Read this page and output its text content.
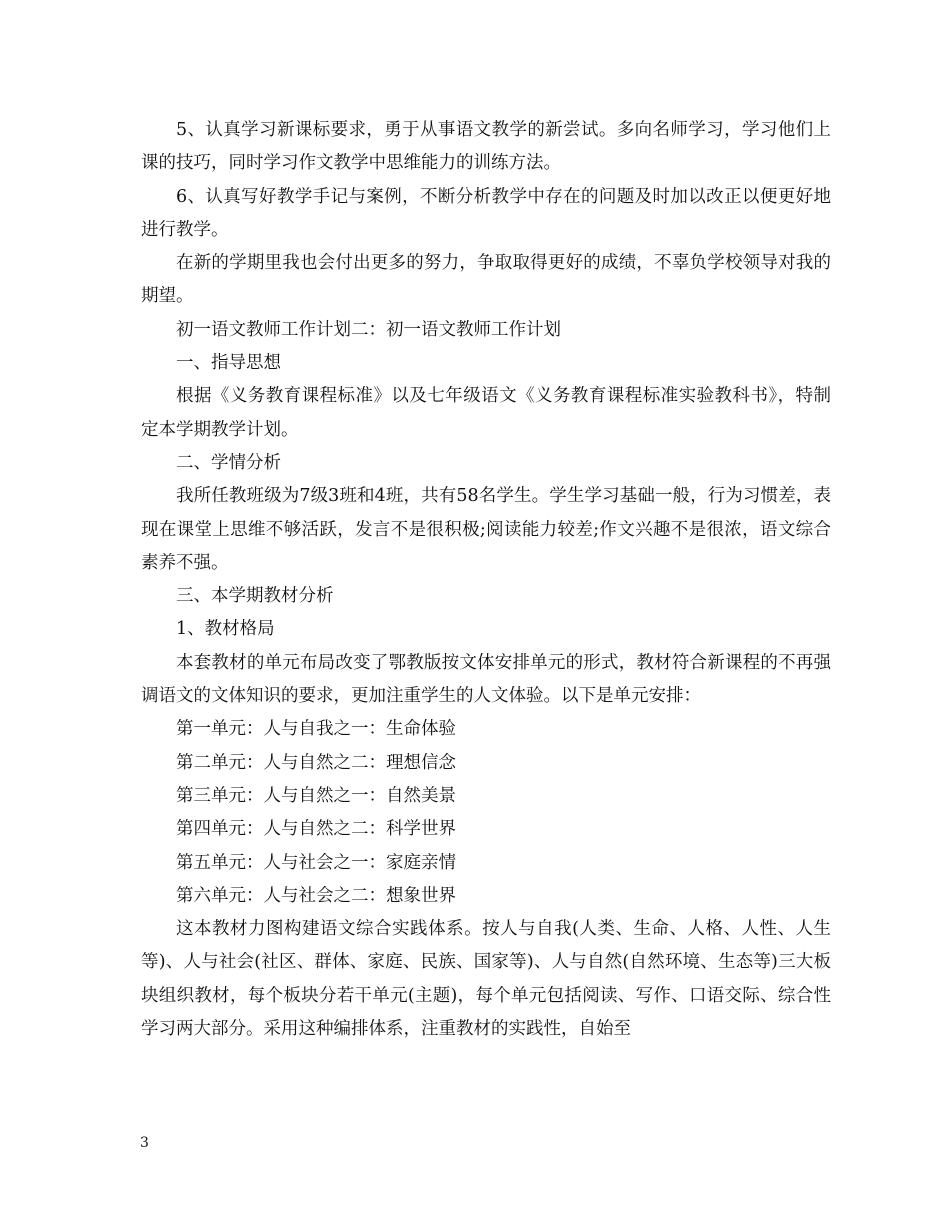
5、认真学习新课标要求，勇于从事语文教学的新尝试。多向名师学习，学习他们上课的技巧，同时学习作文教学中思维能力的训练方法。

6、认真写好教学手记与案例，不断分析教学中存在的问题及时加以改正以便更好地进行教学。

在新的学期里我也会付出更多的努力，争取取得更好的成绩，不辜负学校领导对我的期望。

初一语文教师工作计划二：初一语文教师工作计划

一、指导思想

根据《义务教育课程标准》以及七年级语文《义务教育课程标准实验教科书》，特制定本学期教学计划。

二、学情分析

我所任教班级为7级3班和4班，共有58名学生。学生学习基础一般，行为习惯差，表现在课堂上思维不够活跃，发言不是很积极;阅读能力较差;作文兴趣不是很浓，语文综合素养不强。

三、本学期教材分析

1、教材格局

本套教材的单元布局改变了鄂教版按文体安排单元的形式，教材符合新课程的不再强调语文的文体知识的要求，更加注重学生的人文体验。以下是单元安排：

第一单元：人与自我之一：生命体验

第二单元：人与自然之二：理想信念

第三单元：人与自然之一：自然美景

第四单元：人与自然之二：科学世界

第五单元：人与社会之一：家庭亲情

第六单元：人与社会之二：想象世界

这本教材力图构建语文综合实践体系。按人与自我(人类、生命、人格、人性、人生等)、人与社会(社区、群体、家庭、民族、国家等)、人与自然(自然环境、生态等)三大板块组织教材，每个板块分若干单元(主题)，每个单元包括阅读、写作、口语交际、综合性学习两大部分。采用这种编排体系，注重教材的实践性，自始至

3
